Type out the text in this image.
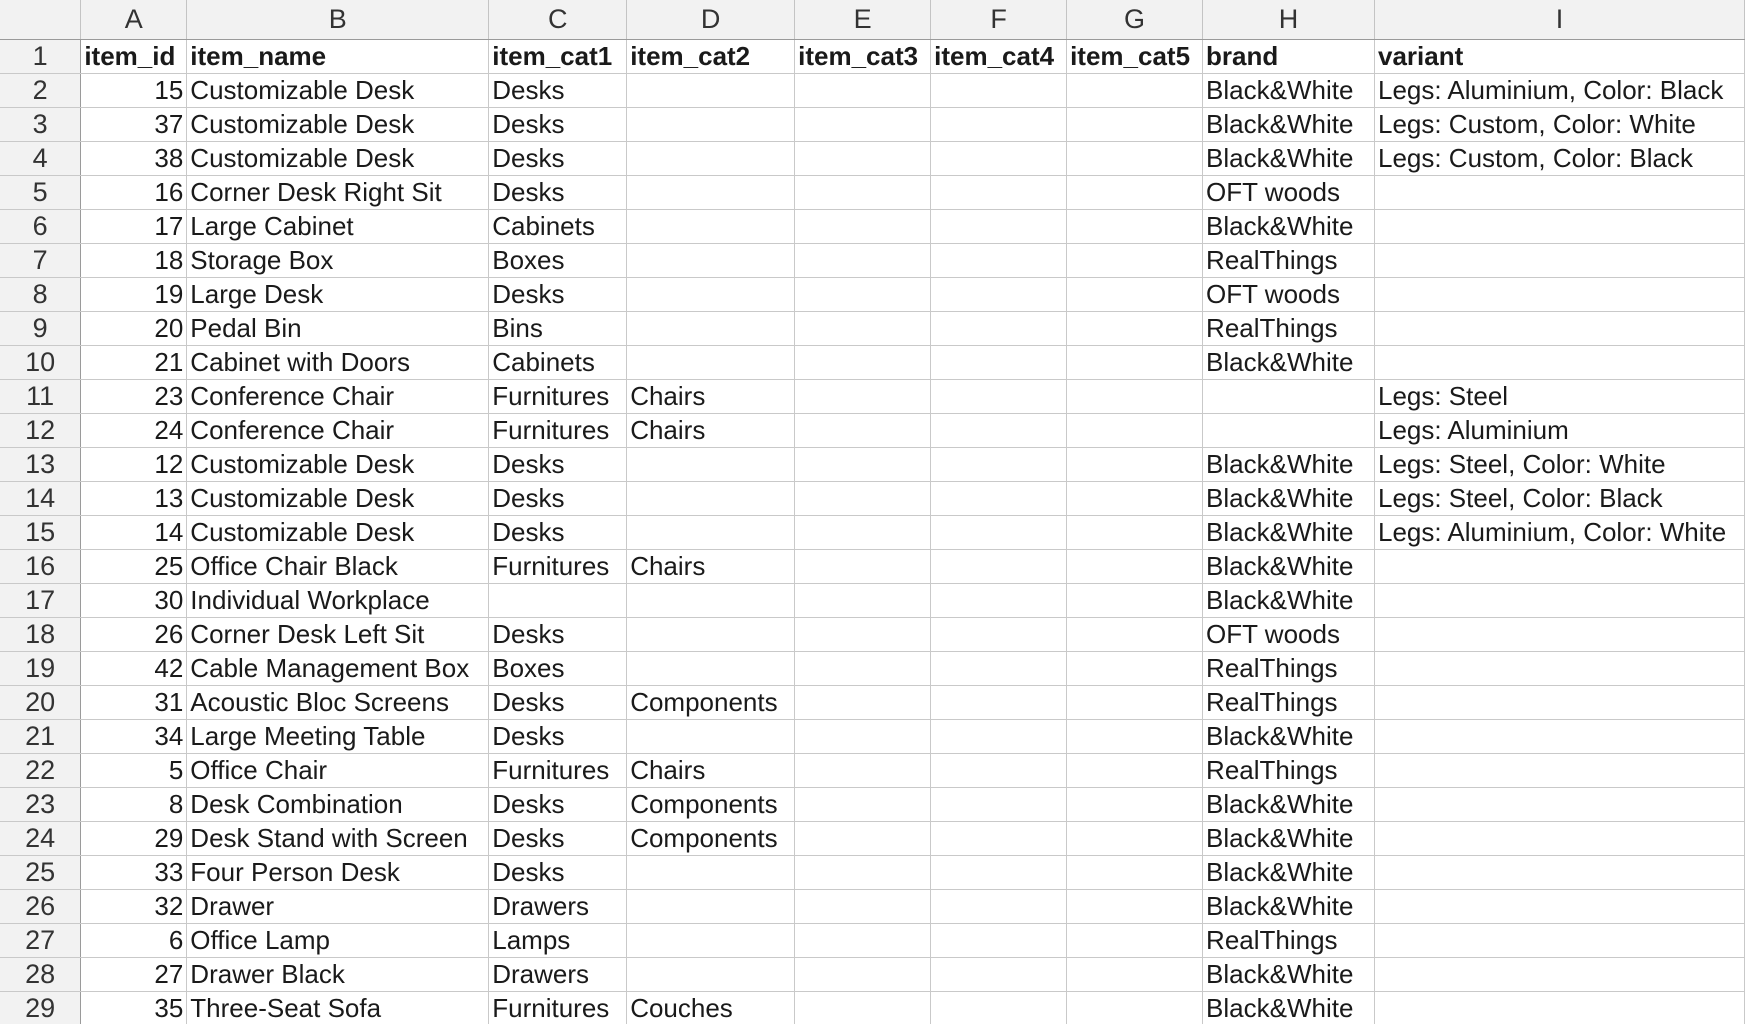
	A	B	C	D	E	F	G	H	I
1	item_id	item_name	item_cat1	item_cat2	item_cat3	item_cat4	item_cat5	brand	variant
2	15	Customizable Desk	Desks					Black&White	Legs: Aluminium, Color: Black
3	37	Customizable Desk	Desks					Black&White	Legs: Custom, Color: White
4	38	Customizable Desk	Desks					Black&White	Legs: Custom, Color: Black
5	16	Corner Desk Right Sit	Desks					OFT woods	
6	17	Large Cabinet	Cabinets					Black&White	
7	18	Storage Box	Boxes					RealThings	
8	19	Large Desk	Desks					OFT woods	
9	20	Pedal Bin	Bins					RealThings	
10	21	Cabinet with Doors	Cabinets					Black&White	
11	23	Conference Chair	Furnitures	Chairs					Legs: Steel
12	24	Conference Chair	Furnitures	Chairs					Legs: Aluminium
13	12	Customizable Desk	Desks					Black&White	Legs: Steel, Color: White
14	13	Customizable Desk	Desks					Black&White	Legs: Steel, Color: Black
15	14	Customizable Desk	Desks					Black&White	Legs: Aluminium, Color: White
16	25	Office Chair Black	Furnitures	Chairs				Black&White	
17	30	Individual Workplace						Black&White	
18	26	Corner Desk Left Sit	Desks					OFT woods	
19	42	Cable Management Box	Boxes					RealThings	
20	31	Acoustic Bloc Screens	Desks	Components				RealThings	
21	34	Large Meeting Table	Desks					Black&White	
22	5	Office Chair	Furnitures	Chairs				RealThings	
23	8	Desk Combination	Desks	Components				Black&White	
24	29	Desk Stand with Screen	Desks	Components				Black&White	
25	33	Four Person Desk	Desks					Black&White	
26	32	Drawer	Drawers					Black&White	
27	6	Office Lamp	Lamps					RealThings	
28	27	Drawer Black	Drawers					Black&White	
29	35	Three-Seat Sofa	Furnitures	Couches				Black&White	
